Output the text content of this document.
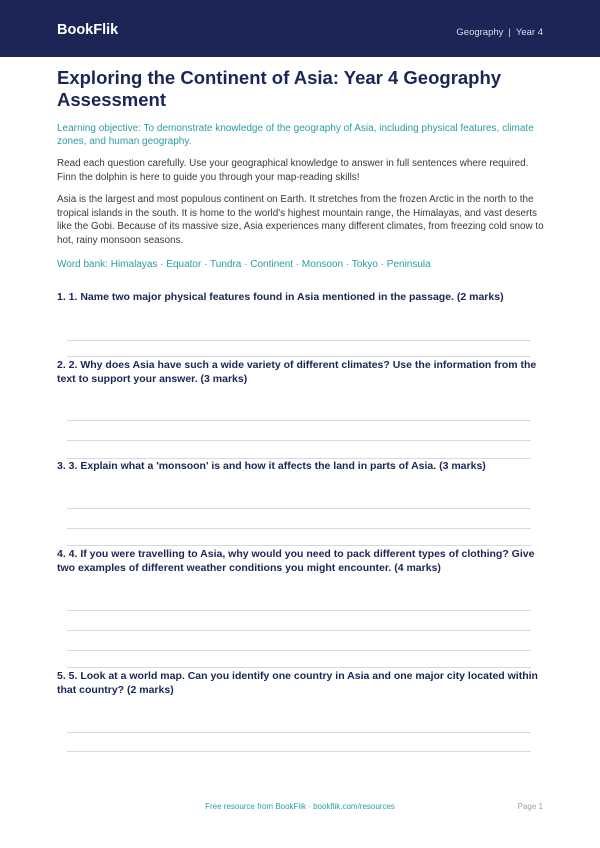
BookFlik	Geography | Year 4
Exploring the Continent of Asia: Year 4 Geography Assessment

Learning objective: To demonstrate knowledge of the geography of Asia, including physical features, climate zones, and human geography.

Read each question carefully. Use your geographical knowledge to answer in full sentences where required. Finn the dolphin is here to guide you through your map-reading skills!

Asia is the largest and most populous continent on Earth. It stretches from the frozen Arctic in the north to the tropical islands in the south. It is home to the world's highest mountain range, the Himalayas, and vast deserts like the Gobi. Because of its massive size, Asia experiences many different climates, from freezing cold snow to hot, rainy monsoon seasons.

Word bank: Himalayas · Equator · Tundra · Continent · Monsoon · Tokyo · Peninsula

1. 1. Name two major physical features found in Asia mentioned in the passage. (2 marks)

2. 2. Why does Asia have such a wide variety of different climates? Use the information from the text to support your answer. (3 marks)

3. 3. Explain what a 'monsoon' is and how it affects the land in parts of Asia. (3 marks)

4. 4. If you were travelling to Asia, why would you need to pack different types of clothing? Give two examples of different weather conditions you might encounter. (4 marks)

5. 5. Look at a world map. Can you identify one country in Asia and one major city located within that country? (2 marks)

Free resource from BookFlik · bookflik.com/resources	Page 1
